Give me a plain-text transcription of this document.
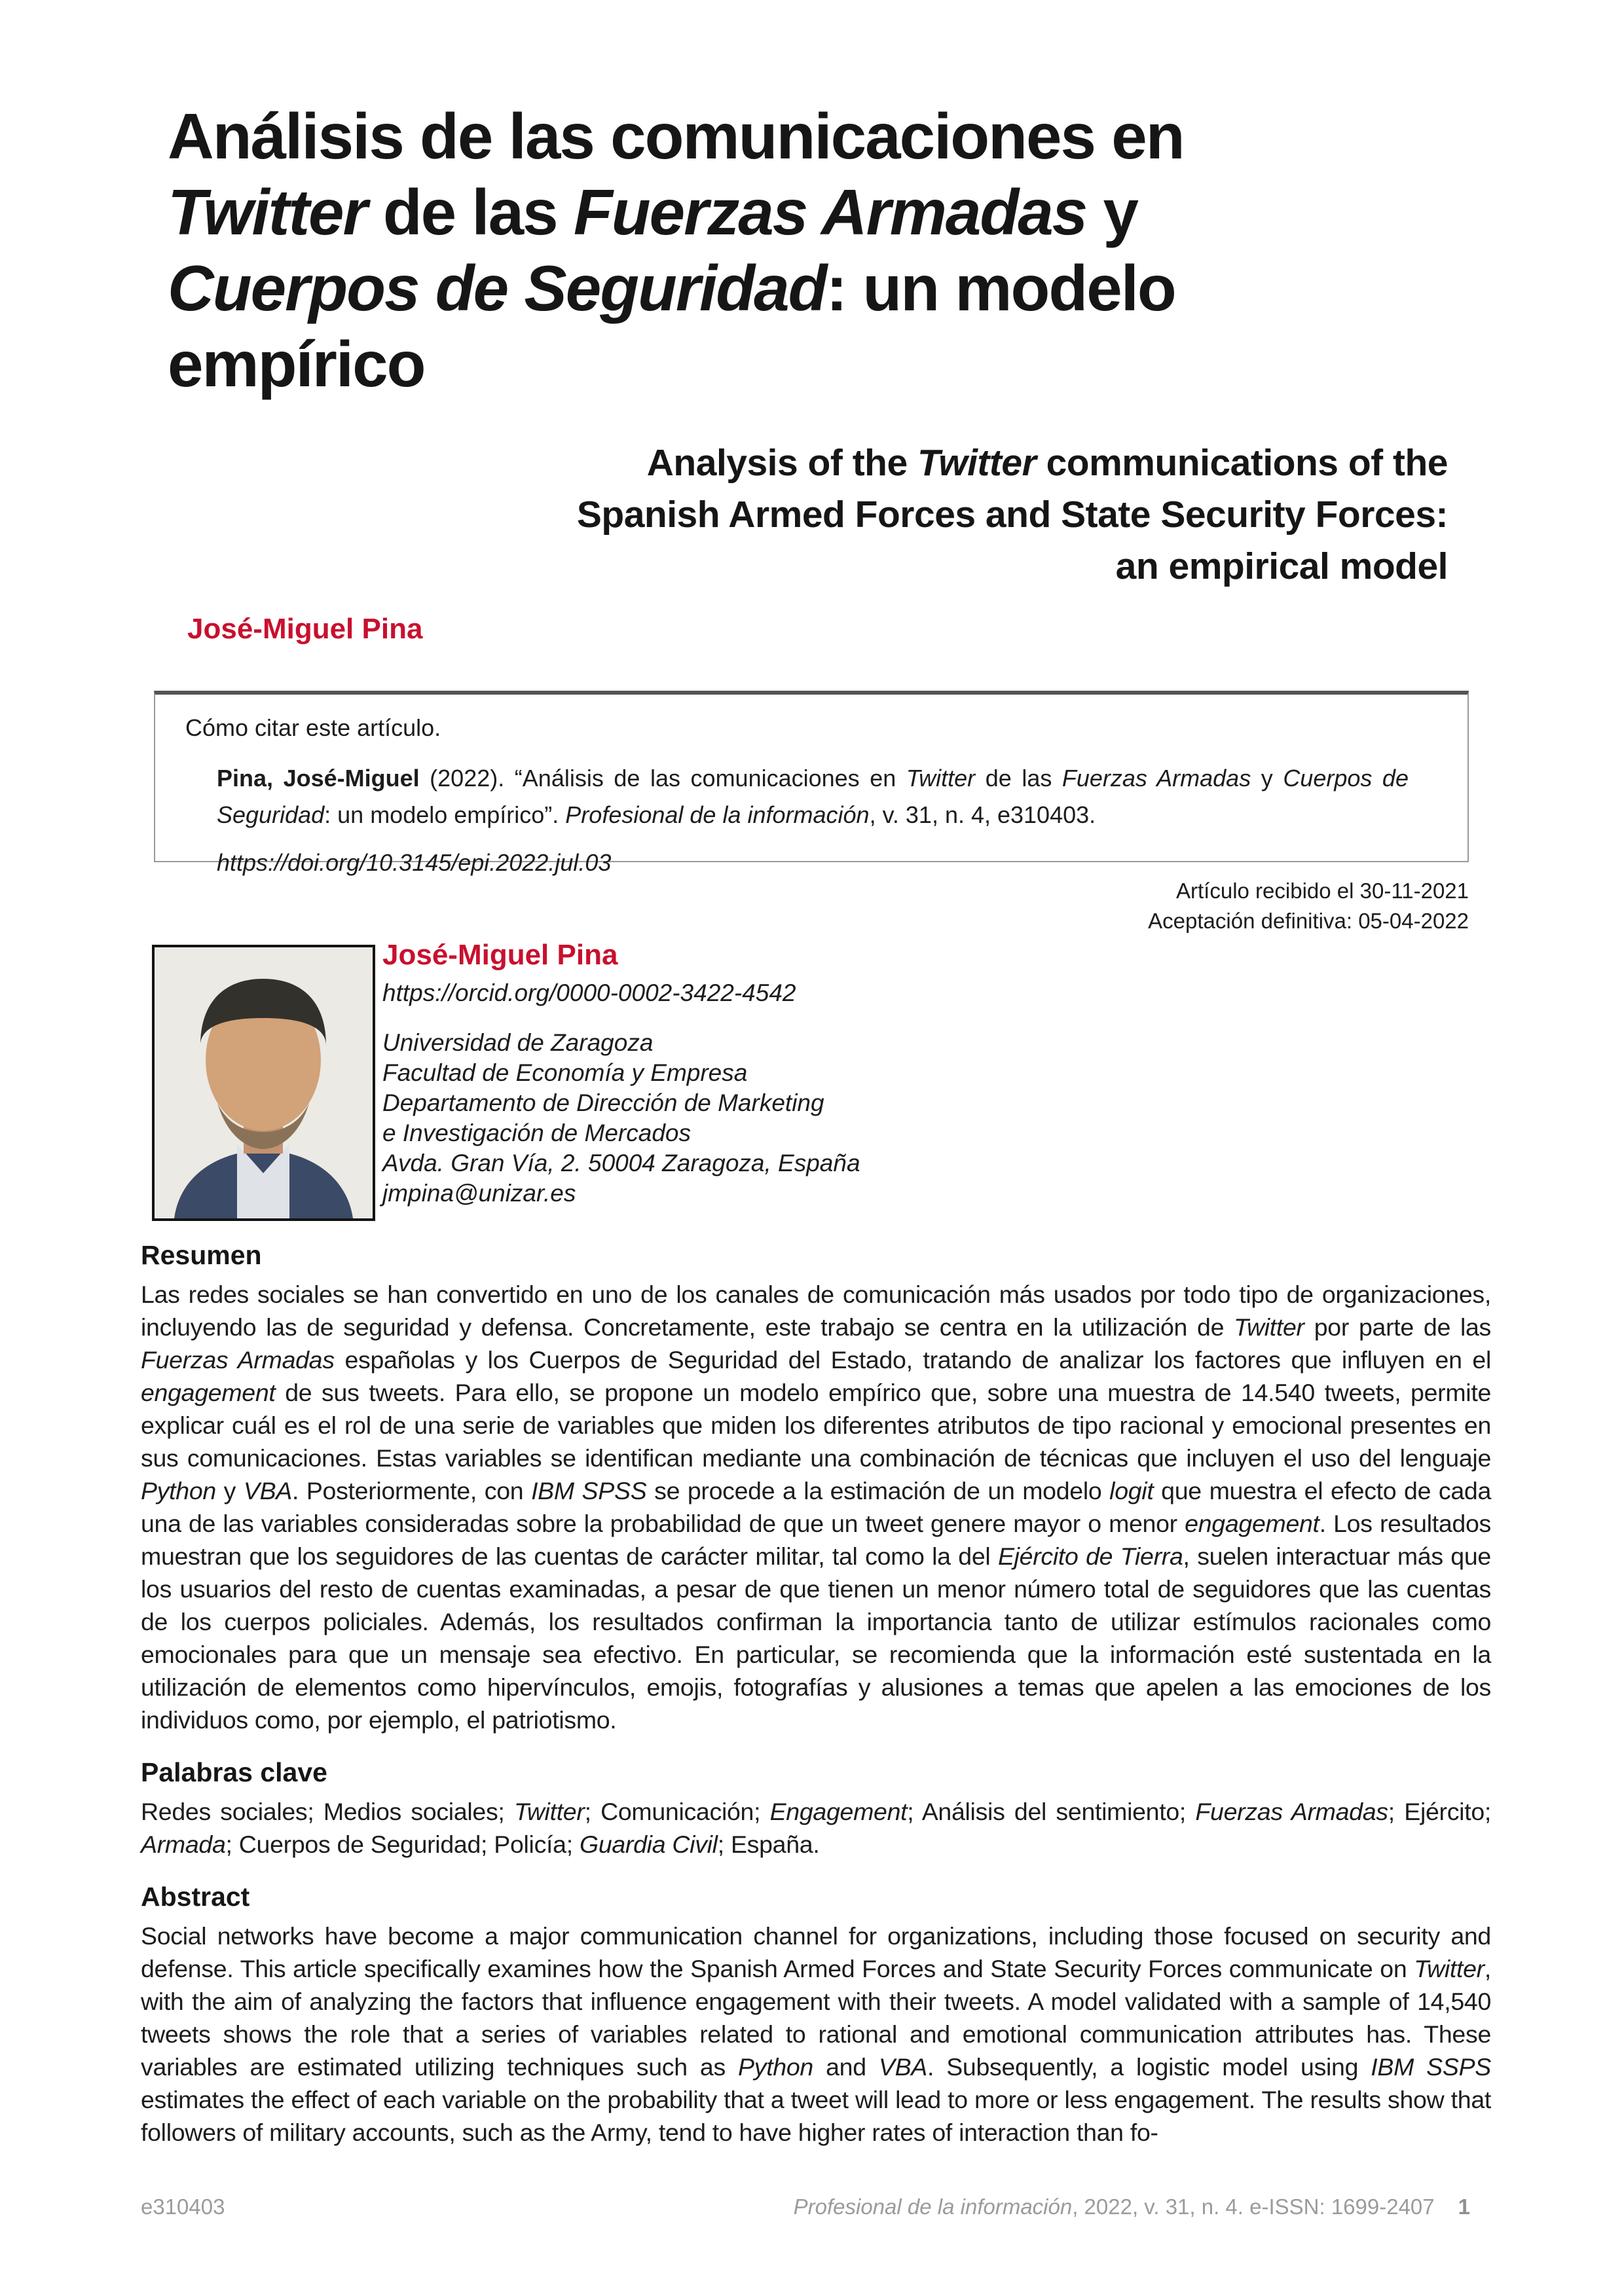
Análisis de las comunicaciones en
Twitter de las Fuerzas Armadas y
Cuerpos de Seguridad: un modelo
empírico
Analysis of the Twitter communications of the
Spanish Armed Forces and State Security Forces:
an empirical model
José-Miguel Pina

Cómo citar este artículo.

Pina, José-Miguel (2022). “Análisis de las comunicaciones en Twitter de las Fuerzas Armadas y Cuerpos de Seguridad: un modelo empírico”. Profesional de la información, v. 31, n. 4, e310403.

https://doi.org/10.3145/epi.2022.jul.03

Artículo recibido el 30-11-2021
Aceptación definitiva: 05-04-2022
José-Miguel Pina
https://orcid.org/0000-0002-3422-4542
Universidad de Zaragoza
Facultad de Economía y Empresa
Departamento de Dirección de Marketing
e Investigación de Mercados
Avda. Gran Vía, 2. 50004 Zaragoza, España
jmpina@unizar.es
Resumen

Las redes sociales se han convertido en uno de los canales de comunicación más usados por todo tipo de organizaciones, incluyendo las de seguridad y defensa. Concretamente, este trabajo se centra en la utilización de Twitter por parte de las Fuerzas Armadas españolas y los Cuerpos de Seguridad del Estado, tratando de analizar los factores que influyen en el engagement de sus tweets. Para ello, se propone un modelo empírico que, sobre una muestra de 14.540 tweets, permite explicar cuál es el rol de una serie de variables que miden los diferentes atributos de tipo racional y emocional presentes en sus comunicaciones. Estas variables se identifican mediante una combinación de técnicas que incluyen el uso del lenguaje Python y VBA. Posteriormente, con IBM SPSS se procede a la estimación de un modelo logit que muestra el efecto de cada una de las variables consideradas sobre la probabilidad de que un tweet genere mayor o menor engagement. Los resultados muestran que los seguidores de las cuentas de carácter militar, tal como la del Ejército de Tierra, suelen interactuar más que los usuarios del resto de cuentas examinadas, a pesar de que tienen un menor número total de seguidores que las cuentas de los cuerpos policiales. Además, los resultados confirman la importancia tanto de utilizar estímulos racionales como emocionales para que un mensaje sea efectivo. En particular, se recomienda que la información esté sustentada en la utilización de elementos como hipervínculos, emojis, fotografías y alusiones a temas que apelen a las emociones de los individuos como, por ejemplo, el patriotismo.

Palabras clave

Redes sociales; Medios sociales; Twitter; Comunicación; Engagement; Análisis del sentimiento; Fuerzas Armadas; Ejército; Armada; Cuerpos de Seguridad; Policía; Guardia Civil; España.

Abstract

Social networks have become a major communication channel for organizations, including those focused on security and defense. This article specifically examines how the Spanish Armed Forces and State Security Forces communicate on Twitter, with the aim of analyzing the factors that influence engagement with their tweets. A model validated with a sample of 14,540 tweets shows the role that a series of variables related to rational and emotional communication attributes has. These variables are estimated utilizing techniques such as Python and VBA. Subsequently, a logistic model using IBM SSPS estimates the effect of each variable on the probability that a tweet will lead to more or less engagement. The results show that followers of military accounts, such as the Army, tend to have higher rates of interaction than fo-

e310403	Profesional de la información, 2022, v. 31, n. 4. e-ISSN: 1699-2407 1
